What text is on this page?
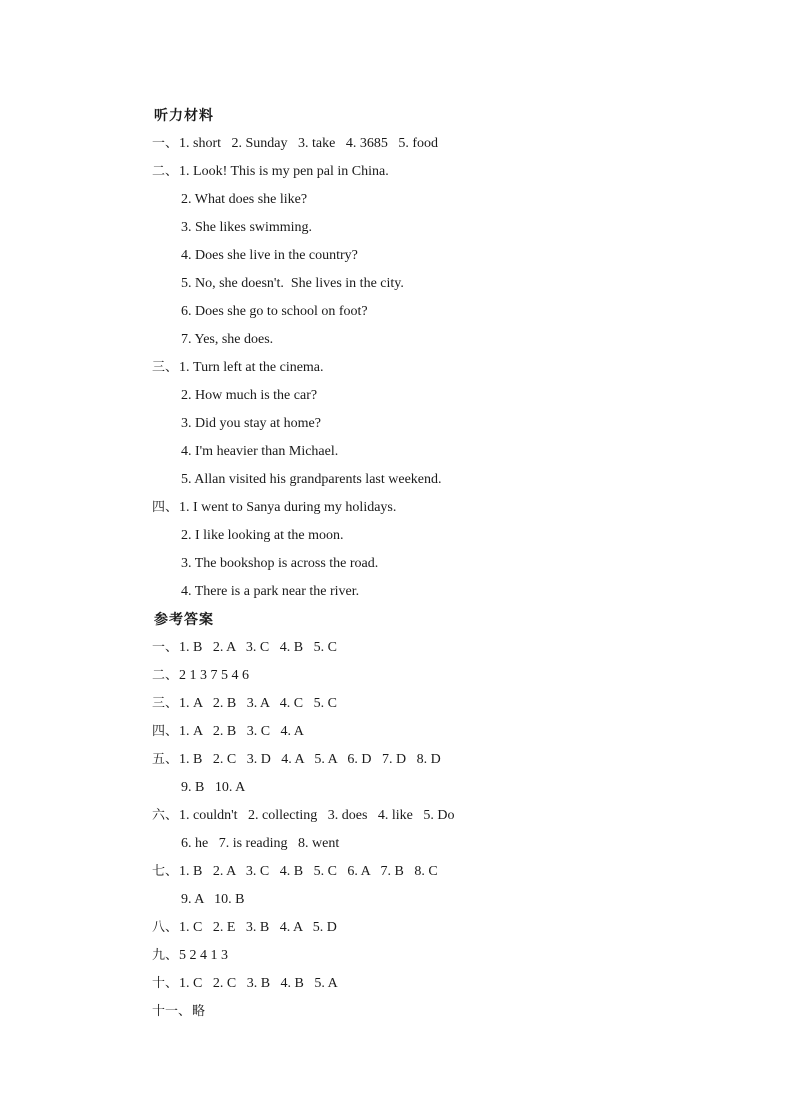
听力材料
一、1. short   2. Sunday   3. take   4. 3685   5. food
二、1. Look! This is my pen pal in China.
2. What does she like?
3. She likes swimming.
4. Does she live in the country?
5. No, she doesn't.  She lives in the city.
6. Does she go to school on foot?
7. Yes, she does.
三、1. Turn left at the cinema.
2. How much is the car?
3. Did you stay at home?
4. I'm heavier than Michael.
5. Allan visited his grandparents last weekend.
四、1. I went to Sanya during my holidays.
2. I like looking at the moon.
3. The bookshop is across the road.
4. There is a park near the river.
参考答案
一、1. B   2. A   3. C   4. B   5. C
二、2 1 3 7 5 4 6
三、1. A   2. B   3. A   4. C   5. C
四、1. A   2. B   3. C   4. A
五、1. B   2. C   3. D   4. A   5. A   6. D   7. D   8. D
9. B   10. A
六、1. couldn't   2. collecting   3. does   4. like   5. Do
6. he   7. is reading   8. went
七、1. B   2. A   3. C   4. B   5. C   6. A   7. B   8. C
9. A   10. B
八、1. C   2. E   3. B   4. A   5. D
九、5 2 4 1 3
十、1. C   2. C   3. B   4. B   5. A
十一、略
